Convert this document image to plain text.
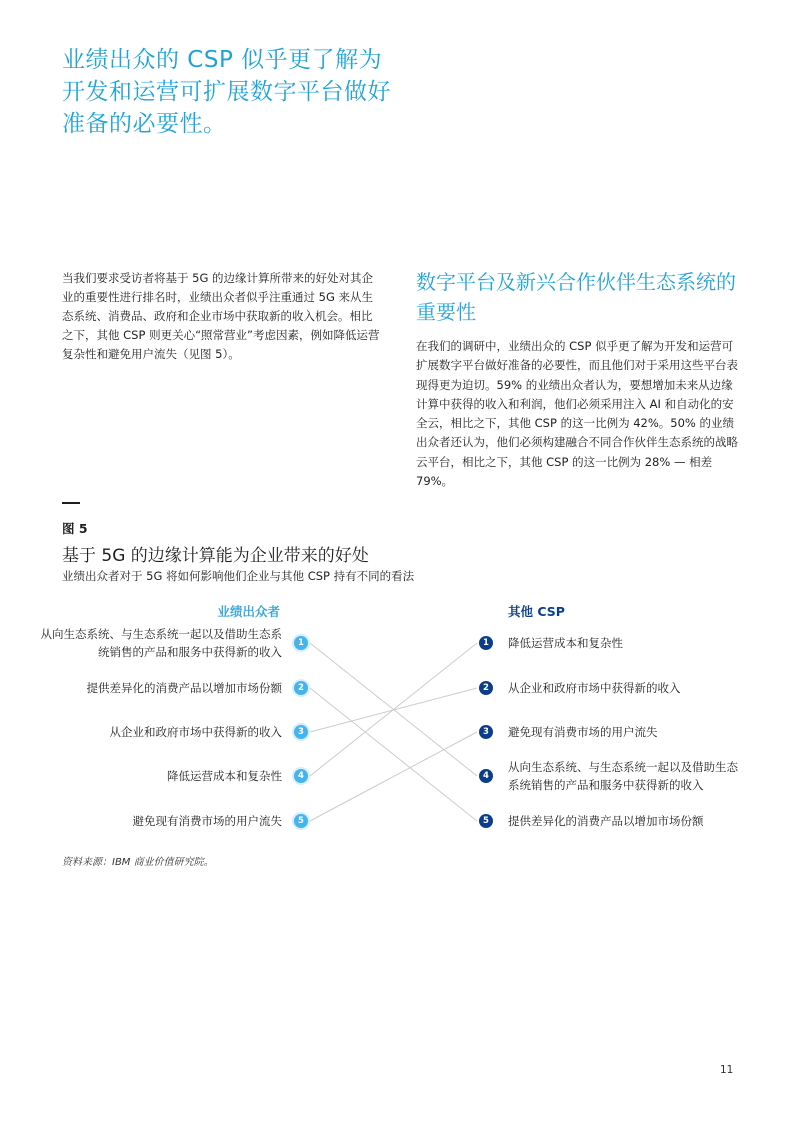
业绩出众的 CSP 似乎更了解为开发和运营可扩展数字平台做好准备的必要性。
当我们要求受访者将基于 5G 的边缘计算所带来的好处对其企业的重要性进行排名时，业绩出众者似乎注重通过 5G 来从生态系统、消费品、政府和企业市场中获取新的收入机会。相比之下，其他 CSP 则更关心“照常营业”考虑因素，例如降低运营复杂性和避免用户流失（见图 5）。
数字平台及新兴合作伙伴生态系统的重要性
在我们的调研中，业绩出众的 CSP 似乎更了解为开发和运营可扩展数字平台做好准备的必要性，而且他们对于采用这些平台表现得更为迫切。59% 的业绩出众者认为，要想增加未来从边缘计算中获得的收入和利润，他们必须采用注入 AI 和自动化的安全云，相比之下，其他 CSP 的这一比例为 42%。50% 的业绩出众者还认为，他们必须构建融合不同合作伙伴生态系统的战略云平台，相比之下，其他 CSP 的这一比例为 28% — 相差 79%。
图 5
基于 5G 的边缘计算能为企业带来的好处
业绩出众者对于 5G 将如何影响他们企业与其他 CSP 持有不同的看法
业绩出众者	其他 CSP
1
从向生态系统、与生态系统一起以及借助生态系统销售的产品和服务中获得新的收入
2
提供差异化的消费产品以增加市场份额
3
从企业和政府市场中获得新的收入
4
降低运营成本和复杂性
5
避免现有消费市场的用户流失
1	降低运营成本和复杂性
2	从企业和政府市场中获得新的收入
3	避免现有消费市场的用户流失
4
从向生态系统、与生态系统一起以及借助生态系统销售的产品和服务中获得新的收入
5	提供差异化的消费产品以增加市场份额
资料来源：IBM 商业价值研究院。
11
